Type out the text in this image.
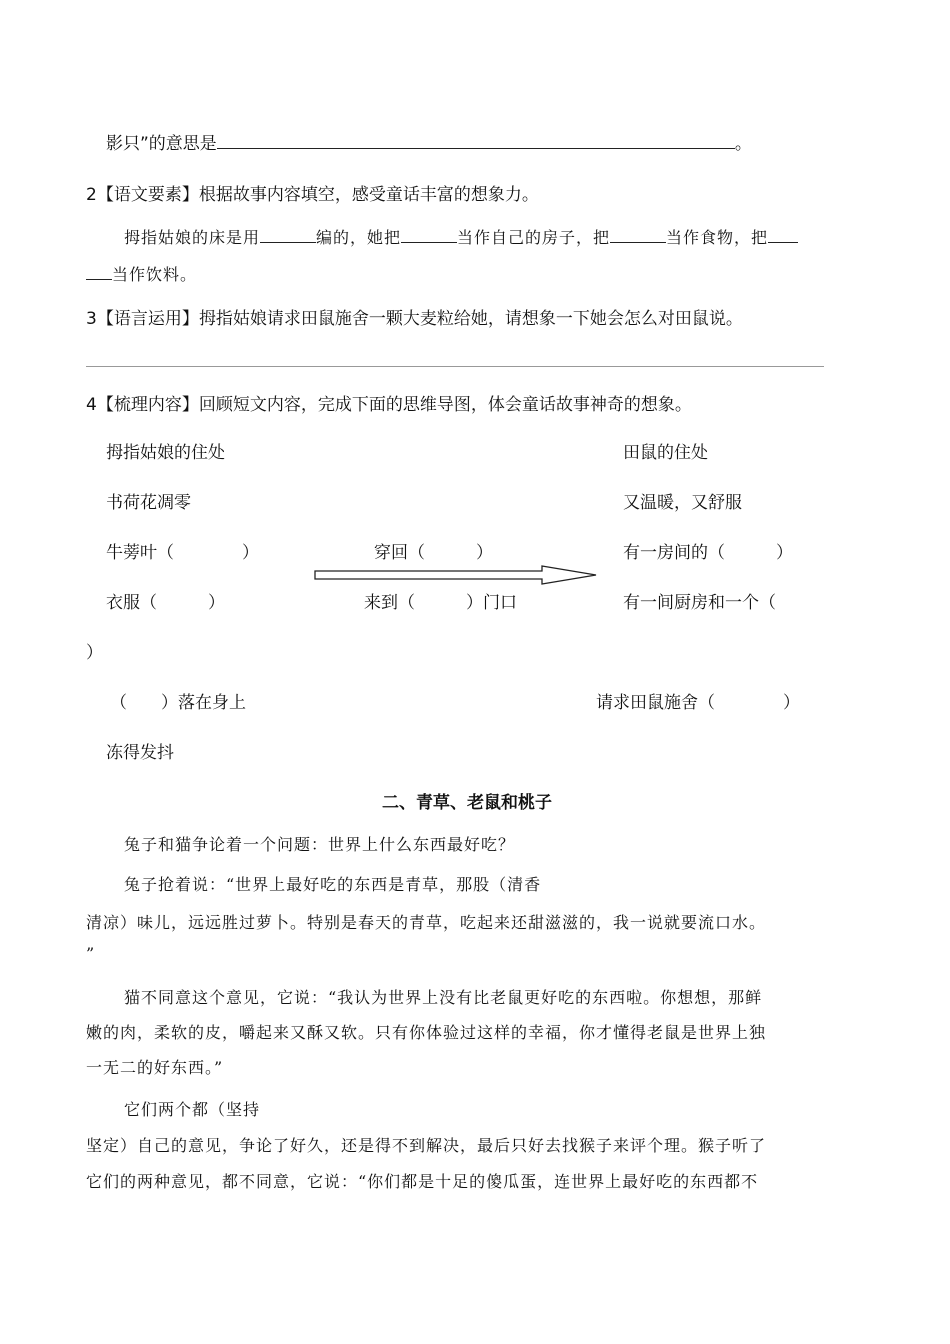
影只”的意思是	。
2【语文要素】根据故事内容填空，感受童话丰富的想象力。
拇指姑娘的床是用	编的，她把	当作自己的房子，把	当作食物，把
当作饮料。
3【语言运用】拇指姑娘请求田鼠施舍一颗大麦粒给她，请想象一下她会怎么对田鼠说。
4【梳理内容】回顾短文内容，完成下面的思维导图，体会童话故事神奇的想象。
拇指姑娘的住处	田鼠的住处
书荷花凋零	又温暖，又舒服
牛蒡叶（　　　　）	穿回（　　　）	有一房间的（　　　）
衣服（　　　）	来到（　　　）门口	有一间厨房和一个（
）
（　　）落在身上	请求田鼠施舍（　　　　）
冻得发抖
二、青草、老鼠和桃子
兔子和猫争论着一个问题：世界上什么东西最好吃？
兔子抢着说：“世界上最好吃的东西是青草，那股（清香
清凉）味儿，远远胜过萝卜。特别是春天的青草，吃起来还甜滋滋的，我一说就要流口水。
”
猫不同意这个意见，它说：“我认为世界上没有比老鼠更好吃的东西啦。你想想，那鲜
嫩的肉，柔软的皮，嚼起来又酥又软。只有你体验过这样的幸福，你才懂得老鼠是世界上独
一无二的好东西。”
它们两个都（坚持
坚定）自己的意见，争论了好久，还是得不到解决，最后只好去找猴子来评个理。猴子听了
它们的两种意见，都不同意，它说：“你们都是十足的傻瓜蛋，连世界上最好吃的东西都不
